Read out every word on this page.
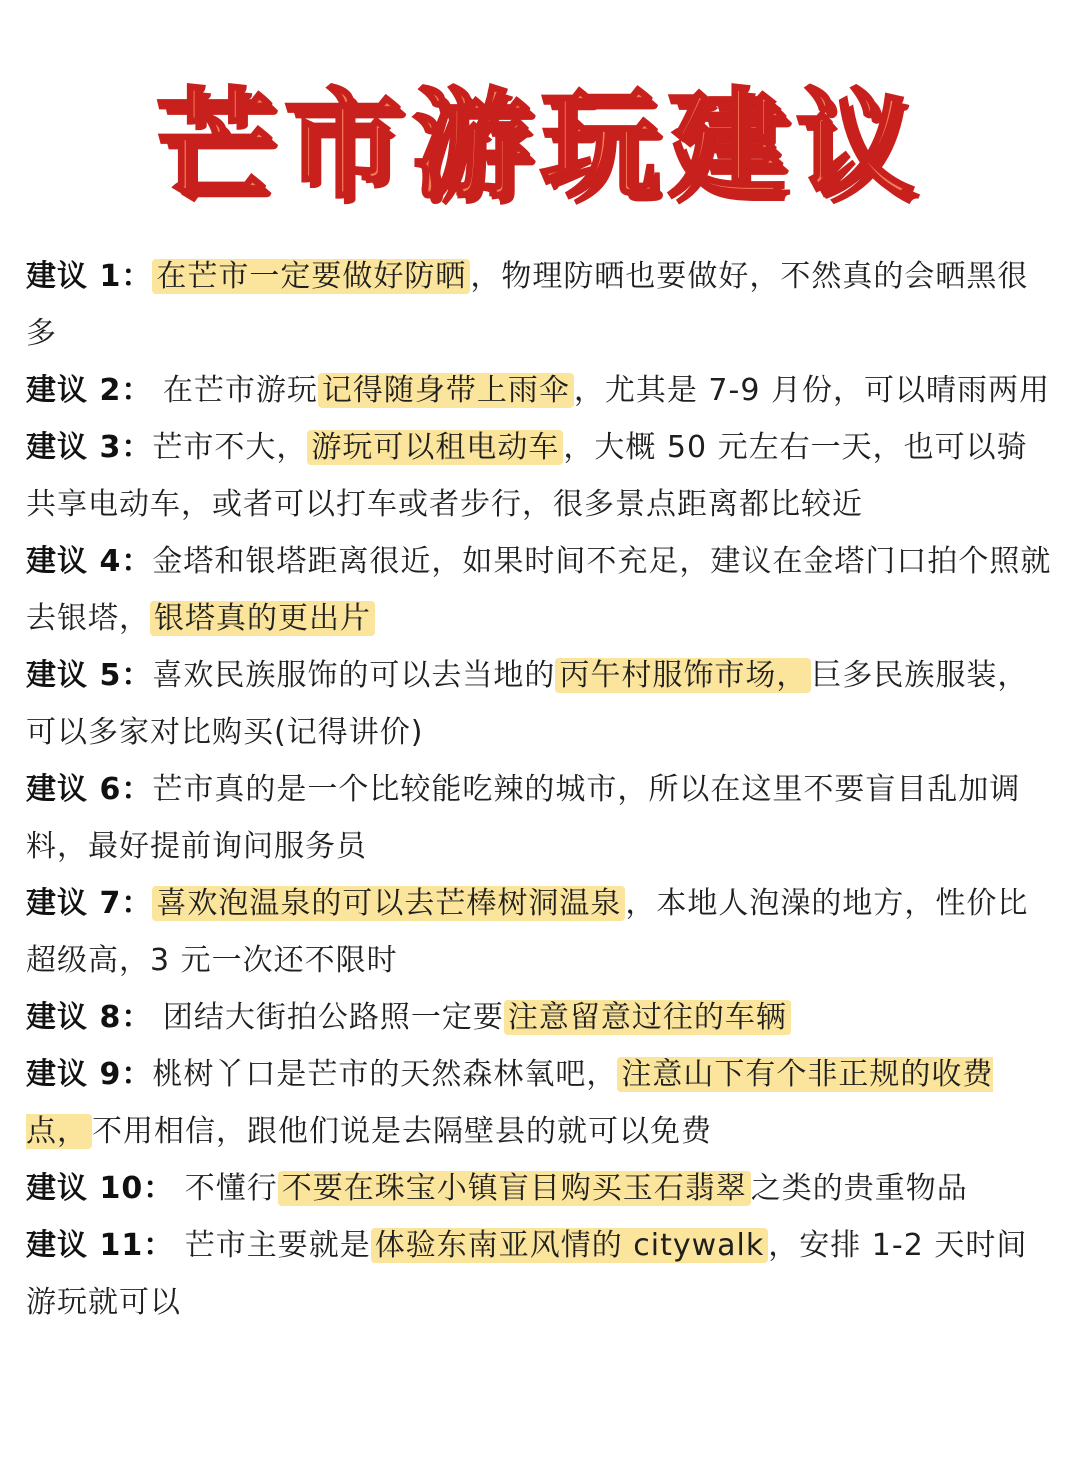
芒市游玩建议

建议 1： 在芒市一定要做好防晒 ，物理防晒也要做好，不然真的会晒黑很多

建议 2： 在芒市游玩 记得随身带上雨伞 ，尤其是 7-9 月份，可以晴雨两用

建议 3：芒市不大， 游玩可以租电动车 ，大概 50 元左右一天，也可以骑共享电动车，或者可以打车或者步行，很多景点距离都比较近

建议 4：金塔和银塔距离很近，如果时间不充足，建议在金塔门口拍个照就去银塔， 银塔真的更出片

建议 5：喜欢民族服饰的可以去当地的 丙午村服饰市场， 巨多民族服装，可以多家对比购买(记得讲价)

建议 6：芒市真的是一个比较能吃辣的城市，所以在这里不要盲目乱加调料，最好提前询问服务员

建议 7： 喜欢泡温泉的可以去芒棒树洞温泉 ，本地人泡澡的地方，性价比超级高，3 元一次还不限时

建议 8： 团结大街拍公路照一定要 注意留意过往的车辆

建议 9：桃树丫口是芒市的天然森林氧吧， 注意山下有个非正规的收费点， 不用相信，跟他们说是去隔壁县的就可以免费

建议 10： 不懂行 不要在珠宝小镇盲目购买玉石翡翠 之类的贵重物品

建议 11： 芒市主要就是 体验东南亚风情的 citywalk ，安排 1-2 天时间游玩就可以
